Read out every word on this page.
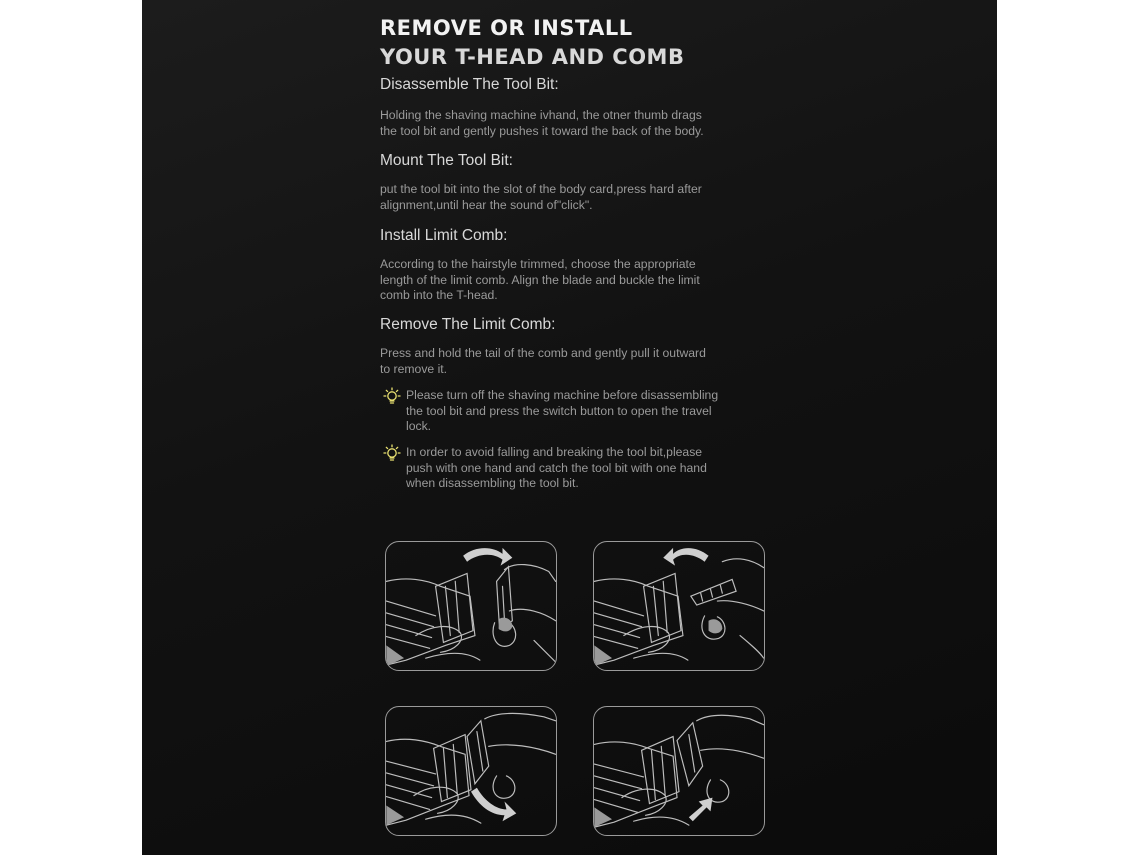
REMOVE OR INSTALL
YOUR T-HEAD AND COMB
Disassemble The Tool Bit:
Holding the shaving machine ivhand, the otner thumb drags
the tool bit and gently pushes it toward the back of the body.
Mount The Tool Bit:
put the tool bit into the slot of the body card,press hard after
alignment,until hear the sound of"click".
Install Limit Comb:
According to the hairstyle trimmed, choose the appropriate
length of the limit comb. Align the blade and buckle the limit
comb into the T-head.
Remove The Limit Comb:
Press and hold the tail of the comb and gently pull it outward
to remove it.
Please turn off the shaving machine before disassembling
the tool bit and press the switch button to open the travel
lock.
In order to avoid falling and breaking the tool bit,please
push with one hand and catch the tool bit with one hand
when disassembling the tool bit.
